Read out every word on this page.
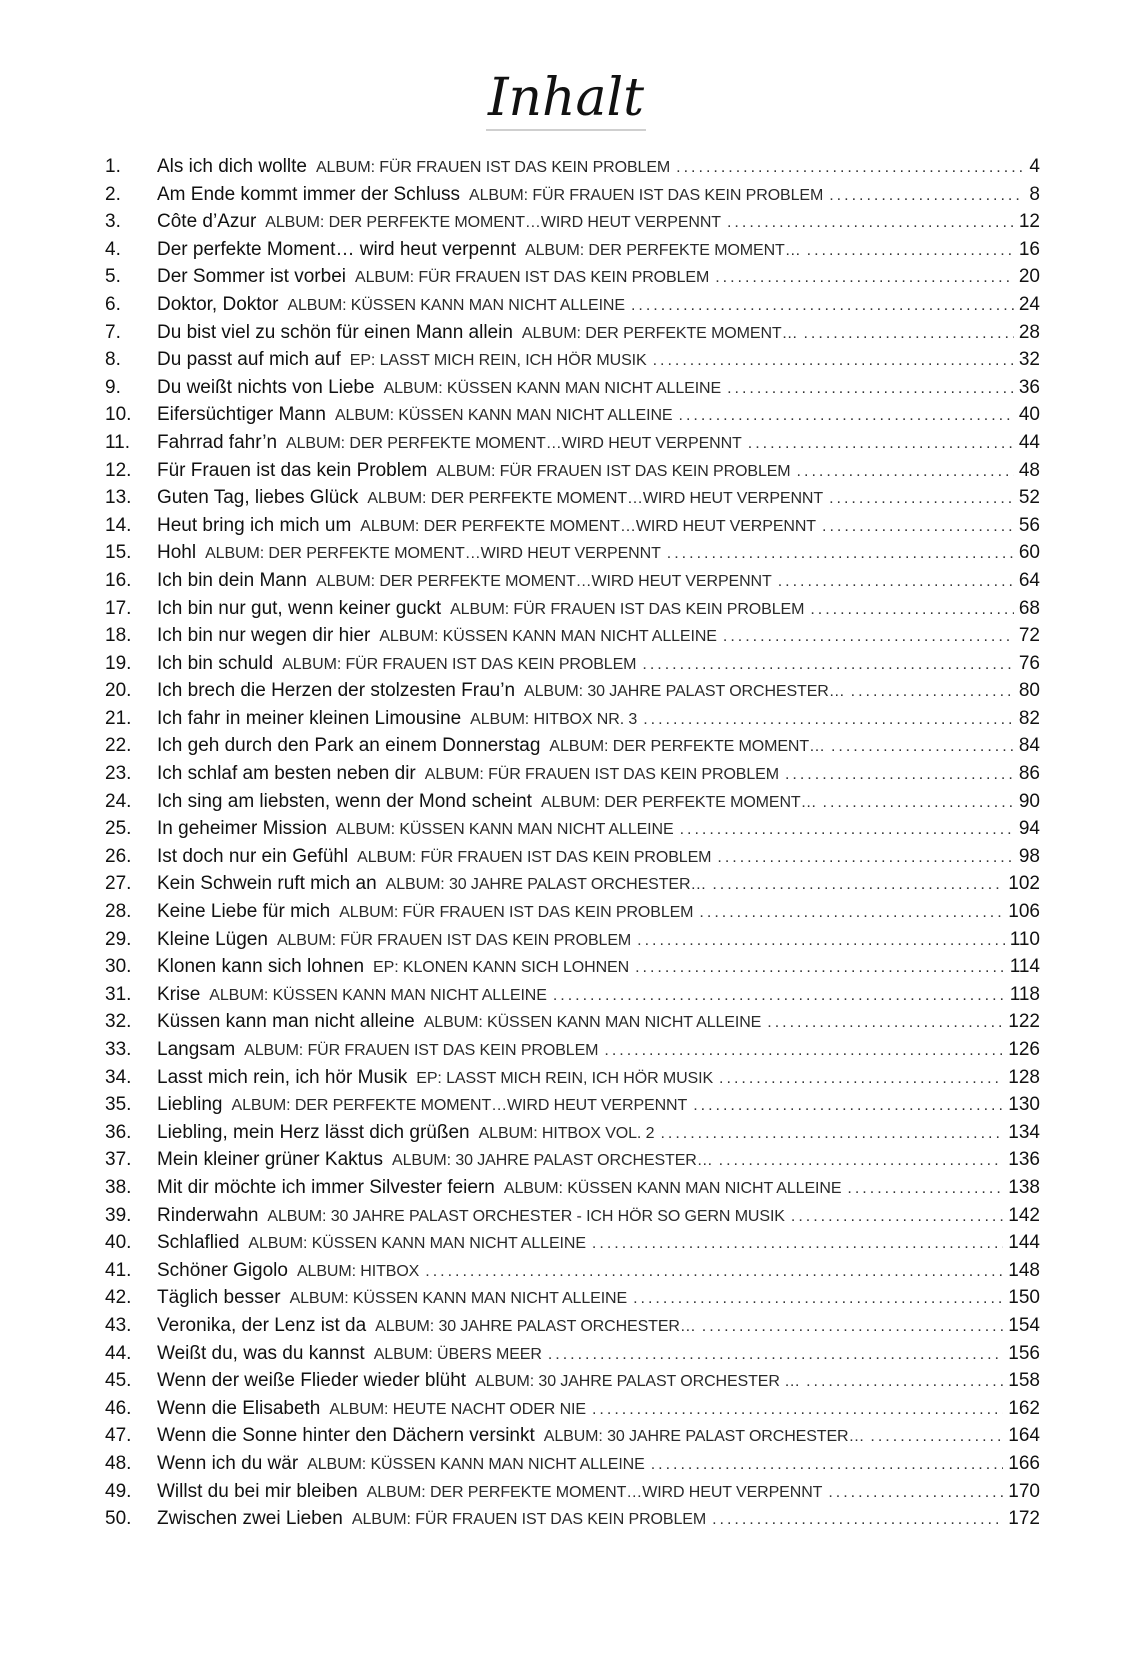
Inhalt
1.	Als ich dich wollte ALBUM: FÜR FRAUEN IST DAS KEIN PROBLEM .....	4
2.	Am Ende kommt immer der Schluss ALBUM: FÜR FRAUEN IST DAS KEIN PROBLEM .....	8
3.	Côte d’Azur ALBUM: DER PERFEKTE MOMENT…WIRD HEUT VERPENNT .....	12
4.	Der perfekte Moment… wird heut verpennt ALBUM: DER PERFEKTE MOMENT… .....	16
5.	Der Sommer ist vorbei ALBUM: FÜR FRAUEN IST DAS KEIN PROBLEM .....	20
6.	Doktor, Doktor ALBUM: KÜSSEN KANN MAN NICHT ALLEINE .....	24
7.	Du bist viel zu schön für einen Mann allein ALBUM: DER PERFEKTE MOMENT… .....	28
8.	Du passt auf mich auf EP: LASST MICH REIN, ICH HÖR MUSIK .....	32
9.	Du weißt nichts von Liebe ALBUM: KÜSSEN KANN MAN NICHT ALLEINE .....	36
10.	Eifersüchtiger Mann ALBUM: KÜSSEN KANN MAN NICHT ALLEINE .....	40
11.	Fahrrad fahr’n ALBUM: DER PERFEKTE MOMENT…WIRD HEUT VERPENNT .....	44
12.	Für Frauen ist das kein Problem ALBUM: FÜR FRAUEN IST DAS KEIN PROBLEM .....	48
13.	Guten Tag, liebes Glück ALBUM: DER PERFEKTE MOMENT…WIRD HEUT VERPENNT .....	52
14.	Heut bring ich mich um ALBUM: DER PERFEKTE MOMENT…WIRD HEUT VERPENNT .....	56
15.	Hohl ALBUM: DER PERFEKTE MOMENT…WIRD HEUT VERPENNT .....	60
16.	Ich bin dein Mann ALBUM: DER PERFEKTE MOMENT…WIRD HEUT VERPENNT .....	64
17.	Ich bin nur gut, wenn keiner guckt ALBUM: FÜR FRAUEN IST DAS KEIN PROBLEM .....	68
18.	Ich bin nur wegen dir hier ALBUM: KÜSSEN KANN MAN NICHT ALLEINE .....	72
19.	Ich bin schuld ALBUM: FÜR FRAUEN IST DAS KEIN PROBLEM .....	76
20.	Ich brech die Herzen der stolzesten Frau’n ALBUM: 30 JAHRE PALAST ORCHESTER… .....	80
21.	Ich fahr in meiner kleinen Limousine ALBUM: HITBOX NR. 3 .....	82
22.	Ich geh durch den Park an einem Donnerstag ALBUM: DER PERFEKTE MOMENT… .....	84
23.	Ich schlaf am besten neben dir ALBUM: FÜR FRAUEN IST DAS KEIN PROBLEM .....	86
24.	Ich sing am liebsten, wenn der Mond scheint ALBUM: DER PERFEKTE MOMENT… .....	90
25.	In geheimer Mission ALBUM: KÜSSEN KANN MAN NICHT ALLEINE .....	94
26.	Ist doch nur ein Gefühl ALBUM: FÜR FRAUEN IST DAS KEIN PROBLEM .....	98
27.	Kein Schwein ruft mich an ALBUM: 30 JAHRE PALAST ORCHESTER… .....	102
28.	Keine Liebe für mich ALBUM: FÜR FRAUEN IST DAS KEIN PROBLEM .....	106
29.	Kleine Lügen ALBUM: FÜR FRAUEN IST DAS KEIN PROBLEM .....	110
30.	Klonen kann sich lohnen EP: KLONEN KANN SICH LOHNEN .....	114
31.	Krise ALBUM: KÜSSEN KANN MAN NICHT ALLEINE .....	118
32.	Küssen kann man nicht alleine ALBUM: KÜSSEN KANN MAN NICHT ALLEINE .....	122
33.	Langsam ALBUM: FÜR FRAUEN IST DAS KEIN PROBLEM .....	126
34.	Lasst mich rein, ich hör Musik EP: LASST MICH REIN, ICH HÖR MUSIK .....	128
35.	Liebling ALBUM: DER PERFEKTE MOMENT…WIRD HEUT VERPENNT .....	130
36.	Liebling, mein Herz lässt dich grüßen ALBUM: HITBOX VOL. 2 .....	134
37.	Mein kleiner grüner Kaktus ALBUM: 30 JAHRE PALAST ORCHESTER… .....	136
38.	Mit dir möchte ich immer Silvester feiern ALBUM: KÜSSEN KANN MAN NICHT ALLEINE .....	138
39.	Rinderwahn ALBUM: 30 JAHRE PALAST ORCHESTER - ICH HÖR SO GERN MUSIK .....	142
40.	Schlaflied ALBUM: KÜSSEN KANN MAN NICHT ALLEINE .....	144
41.	Schöner Gigolo ALBUM: HITBOX .....	148
42.	Täglich besser ALBUM: KÜSSEN KANN MAN NICHT ALLEINE .....	150
43.	Veronika, der Lenz ist da ALBUM: 30 JAHRE PALAST ORCHESTER… .....	154
44.	Weißt du, was du kannst ALBUM: ÜBERS MEER .....	156
45.	Wenn der weiße Flieder wieder blüht ALBUM: 30 JAHRE PALAST ORCHESTER … .....	158
46.	Wenn die Elisabeth ALBUM: HEUTE NACHT ODER NIE .....	162
47.	Wenn die Sonne hinter den Dächern versinkt ALBUM: 30 JAHRE PALAST ORCHESTER… .....	164
48.	Wenn ich du wär ALBUM: KÜSSEN KANN MAN NICHT ALLEINE .....	166
49.	Willst du bei mir bleiben ALBUM: DER PERFEKTE MOMENT…WIRD HEUT VERPENNT .....	170
50.	Zwischen zwei Lieben ALBUM: FÜR FRAUEN IST DAS KEIN PROBLEM .....	172
